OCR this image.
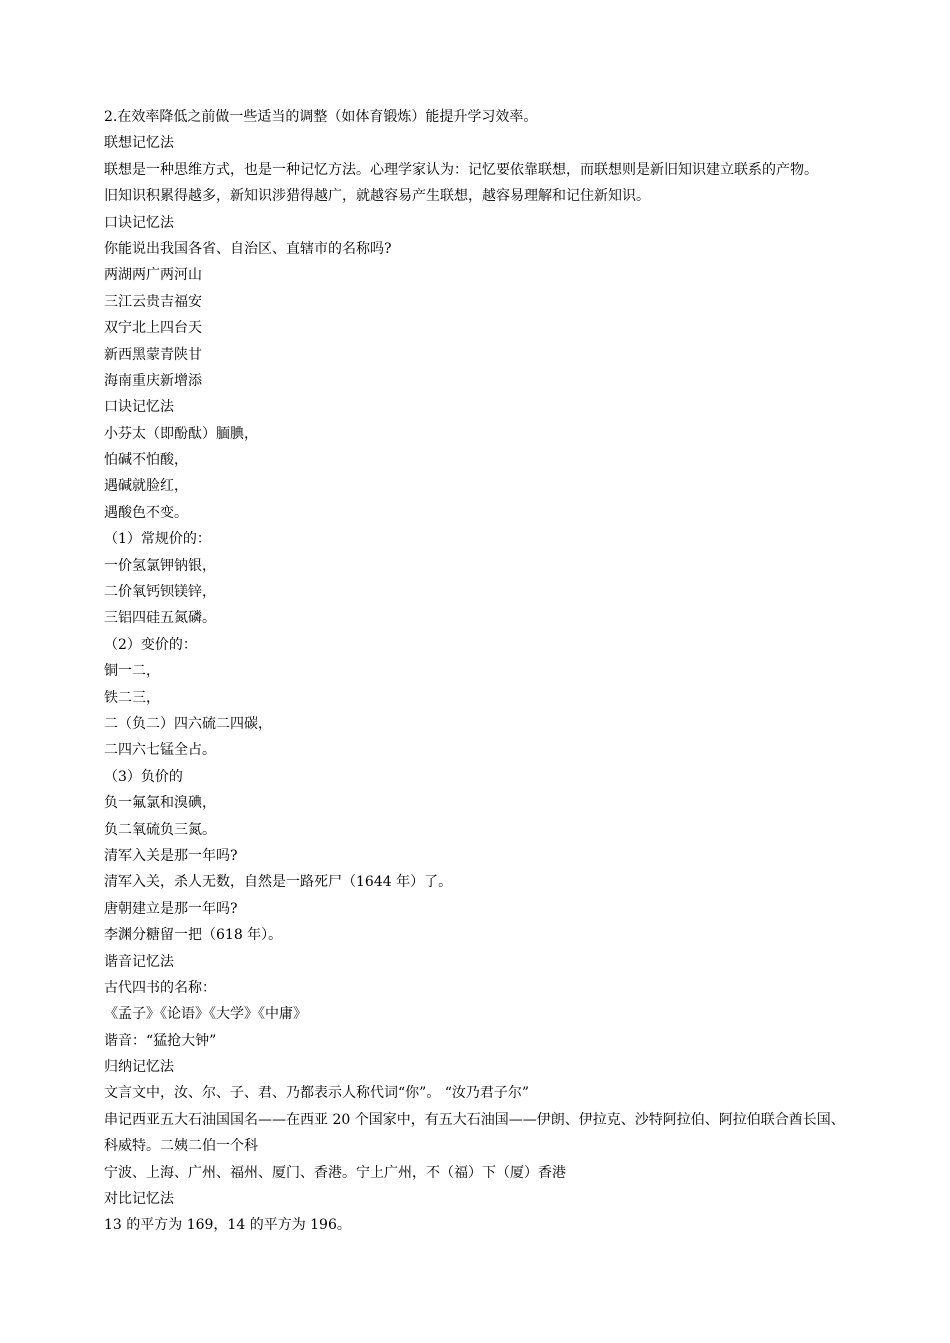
2.在效率降低之前做一些适当的调整（如体育锻炼）能提升学习效率。

联想记忆法

联想是一种思维方式，也是一种记忆方法。心理学家认为：记忆要依靠联想，而联想则是新旧知识建立联系的产物。

旧知识积累得越多，新知识涉猎得越广，就越容易产生联想，越容易理解和记住新知识。

口诀记忆法

你能说出我国各省、自治区、直辖市的名称吗?

两湖两广两河山

三江云贵吉福安

双宁北上四台天

新西黑蒙青陕甘

海南重庆新增添

口诀记忆法

小芬太（即酚酞）腼腆，

怕碱不怕酸，

遇碱就脸红，

遇酸色不变。

（1）常规价的：

一价氢氯钾钠银，

二价氧钙钡镁锌，

三铝四硅五氮磷。

（2）变价的：

铜一二，

铁二三，

二（负二）四六硫二四碳，

二四六七锰全占。

（3）负价的

负一氟氯和溴碘，

负二氧硫负三氮。

清军入关是那一年吗?

清军入关，杀人无数，自然是一路死尸（1644 年）了。

唐朝建立是那一年吗?

李渊分糖留一把（618 年）。

谐音记忆法

古代四书的名称：

《孟子》《论语》《大学》《中庸》

谐音：“猛抢大钟”

归纳记忆法

文言文中，汝、尔、子、君、乃都表示人称代词“你”。 “汝乃君子尔”

串记西亚五大石油国国名——在西亚 20 个国家中，有五大石油国——伊朗、伊拉克、沙特阿拉伯、阿拉伯联合酋长国、

科威特。二姨二伯一个科

宁波、上海、广州、福州、厦门、香港。宁上广州，不（福）下（厦）香港

对比记忆法

13 的平方为 169，14 的平方为 196。
